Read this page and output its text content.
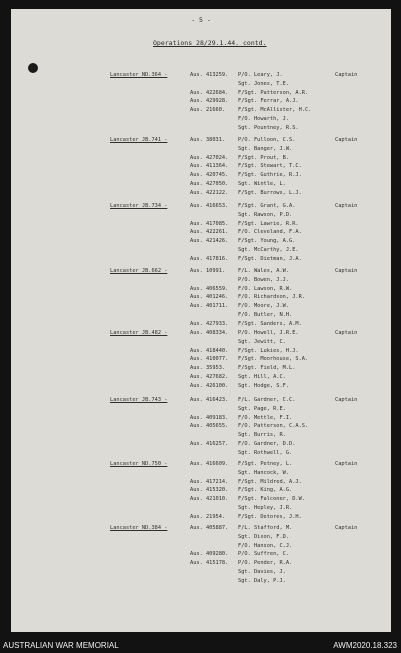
- 5 -
Operations 28/29.1.44. contd.
Lancaster ND.364 -	Aus. 413259. P/O. Leary, J.	Captain
Sgt. Jones, T.E.
Aus. 422684. F/Sgt. Patterson, A.R.
Aus. 429928. F/Sgt. Ferrar, A.J.
Aus. 21660. F/Sgt. McAllister, H.C.
F/O. Howarth, J.
Sgt. Pountney, R.S.
Lancaster JB.741 -	Aus. 38031. P/O. Fulloon, C.S.	Captain
Sgt. Banger, J.W.
Aus. 427024. F/Sgt. Prout, B.
Aus. 411364. F/Sgt. Stewart, T.C.
Aus. 420745. F/Sgt. Guthrie, R.J.
Aus. 427050. Sgt. Wintle, L.
Aus. 422122. F/Sgt. Burrows, L.J.
Lancaster JB.734 -	Aus. 416653. F/Sgt. Grant, G.A.	Captain
Sgt. Rawson, P.D.
Aus. 417085. F/Sgt. Lawrie, R.R.
Aus. 422261. F/O. Cleveland, F.A.
Aus. 421426. F/Sgt. Young, A.G.
Sgt. McCarthy, J.E.
Aus. 417816. F/Sgt. Dietman, J.A.
Lancaster JB.662 -	Aus. 10991. F/L. Wales, A.W.	Captain
P/O. Bowen, J.J.
Aus. 406559. F/O. Lawson, R.W.
Aus. 401246. F/O. Richardson, J.R.
Aus. 401711. F/O. Moore, J.W.
F/O. Butler, N.H.
Aus. 427933. F/Sgt. Sanders, A.M.
Lancaster JB.482 -	Aus. 408334. P/O. Howell, J.R.E.	Captain
Sgt. Jewitt, C.
Aus. 418440. F/Sgt. Lukies, H.J.
Aus. 410077. F/Sgt. Moorhouse, S.A.
Aus. 35953. F/Sgt. Field, M.L.
Aus. 427682. Sgt. Hill, A.C.
Aus. 426100. Sgt. Hodge, S.F.
Lancaster JB.743 -	Aus. 416423. F/L. Gardner, C.C.	Captain
Sgt. Page, R.E.
Aus. 409183. F/O. Mettle, F.I.
Aus. 405655. F/O. Patterson, C.A.S.
Sgt. Burris, R.
Aus. 416257. F/O. Gardner, D.D.
Sgt. Rothwell, G.
Lancaster ND.750 -	Aus. 416609. F/Sgt. Petney, L.	Captain
Sgt. Hancock, W.
Aus. 417214. F/Sgt. Mildred, A.J.
Aus. 415320. F/Sgt. King, A.G.
Aus. 421010. F/Sgt. Falconer, D.W.
Sgt. Hepley, J.R.
Aus. 21954. F/Sgt. Detores, J.H.
Lancaster ND.384 -	Aus. 405887. F/L. Stafford, M.	Captain
Sgt. Dixon, F.D.
F/O. Hanson, C.J.
Aus. 409280. P/O. Suffren, C.
Aus. 415178. P/O. Pender, R.A.
Sgt. Davies, J.
Sgt. Daly, P.J.
AUSTRALIAN WAR MEMORIAL	AWM2020.18.323
